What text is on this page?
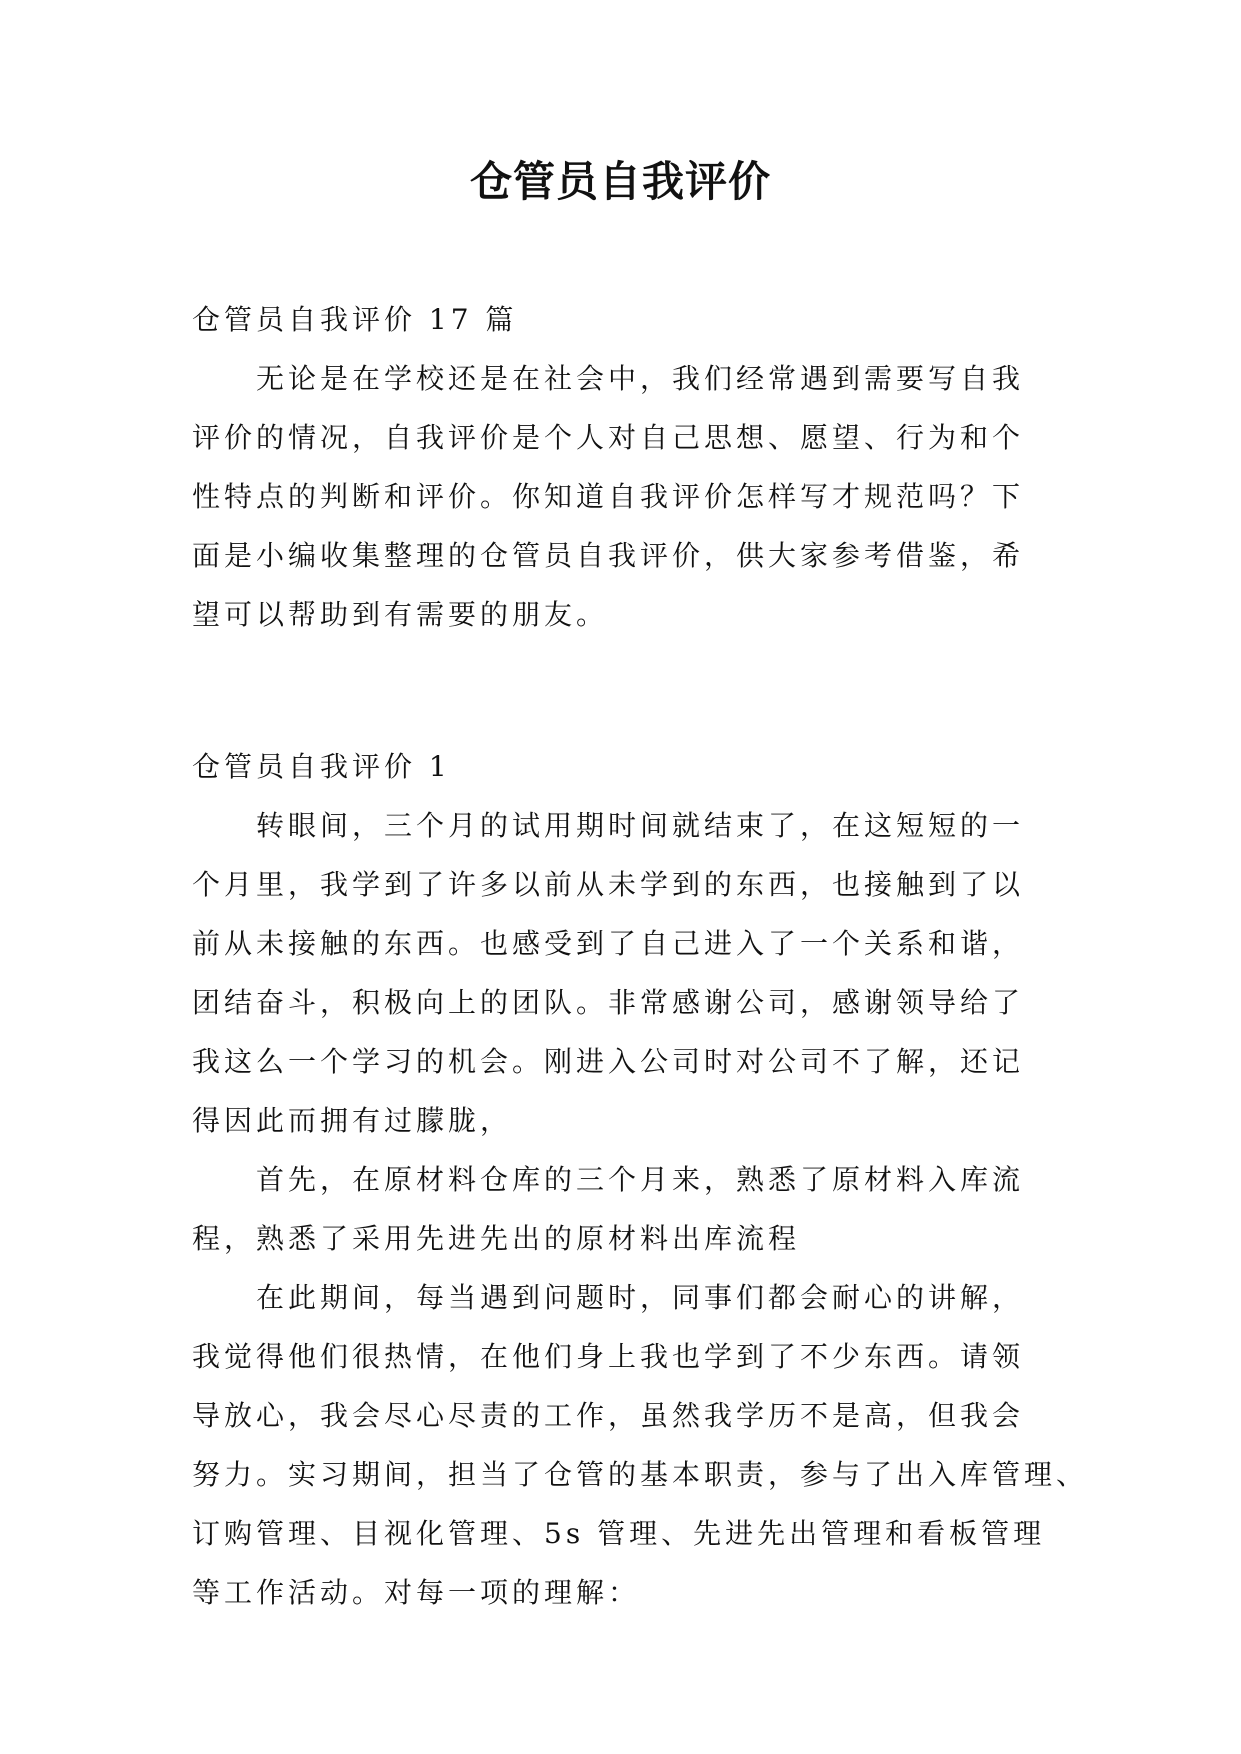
仓管员自我评价

仓管员自我评价 17 篇

无论是在学校还是在社会中，我们经常遇到需要写自我

评价的情况，自我评价是个人对自己思想、愿望、行为和个

性特点的判断和评价。你知道自我评价怎样写才规范吗？下

面是小编收集整理的仓管员自我评价，供大家参考借鉴，希

望可以帮助到有需要的朋友。

仓管员自我评价 1

转眼间，三个月的试用期时间就结束了，在这短短的一

个月里，我学到了许多以前从未学到的东西，也接触到了以

前从未接触的东西。也感受到了自己进入了一个关系和谐，

团结奋斗，积极向上的团队。非常感谢公司，感谢领导给了

我这么一个学习的机会。刚进入公司时对公司不了解，还记

得因此而拥有过朦胧，

首先，在原材料仓库的三个月来，熟悉了原材料入库流

程，熟悉了采用先进先出的原材料出库流程

在此期间，每当遇到问题时，同事们都会耐心的讲解，

我觉得他们很热情，在他们身上我也学到了不少东西。请领

导放心，我会尽心尽责的工作，虽然我学历不是高，但我会

努力。实习期间，担当了仓管的基本职责，参与了出入库管理、

订购管理、目视化管理、5s 管理、先进先出管理和看板管理

等工作活动。对每一项的理解：
